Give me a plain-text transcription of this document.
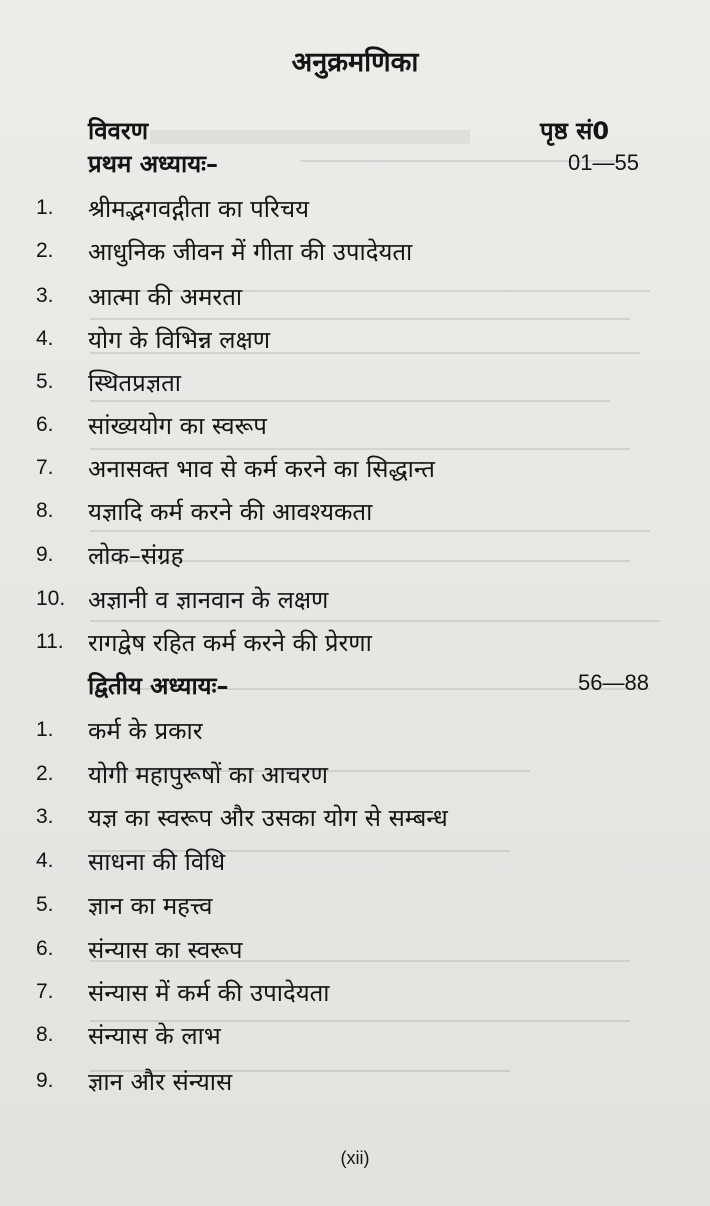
अनुक्रमणिका
विवरण	पृष्ठ सं0
प्रथम अध्यायः–	01—55
1. श्रीमद्भगवद्गीता का परिचय
2. आधुनिक जीवन में गीता की उपादेयता
3. आत्मा की अमरता
4. योग के विभिन्न लक्षण
5. स्थितप्रज्ञता
6. सांख्ययोग का स्वरूप
7. अनासक्त भाव से कर्म करने का सिद्धान्त
8. यज्ञादि कर्म करने की आवश्यकता
9. लोक–संग्रह
10. अज्ञानी व ज्ञानवान के लक्षण
11. रागद्वेष रहित कर्म करने की प्रेरणा
द्वितीय अध्यायः–	56—88
1. कर्म के प्रकार
2. योगी महापुरूषों का आचरण
3. यज्ञ का स्वरूप और उसका योग से सम्बन्ध
4. साधना की विधि
5. ज्ञान का महत्त्व
6. संन्यास का स्वरूप
7. संन्यास में कर्म की उपादेयता
8. संन्यास के लाभ
9. ज्ञान और संन्यास
(xii)
